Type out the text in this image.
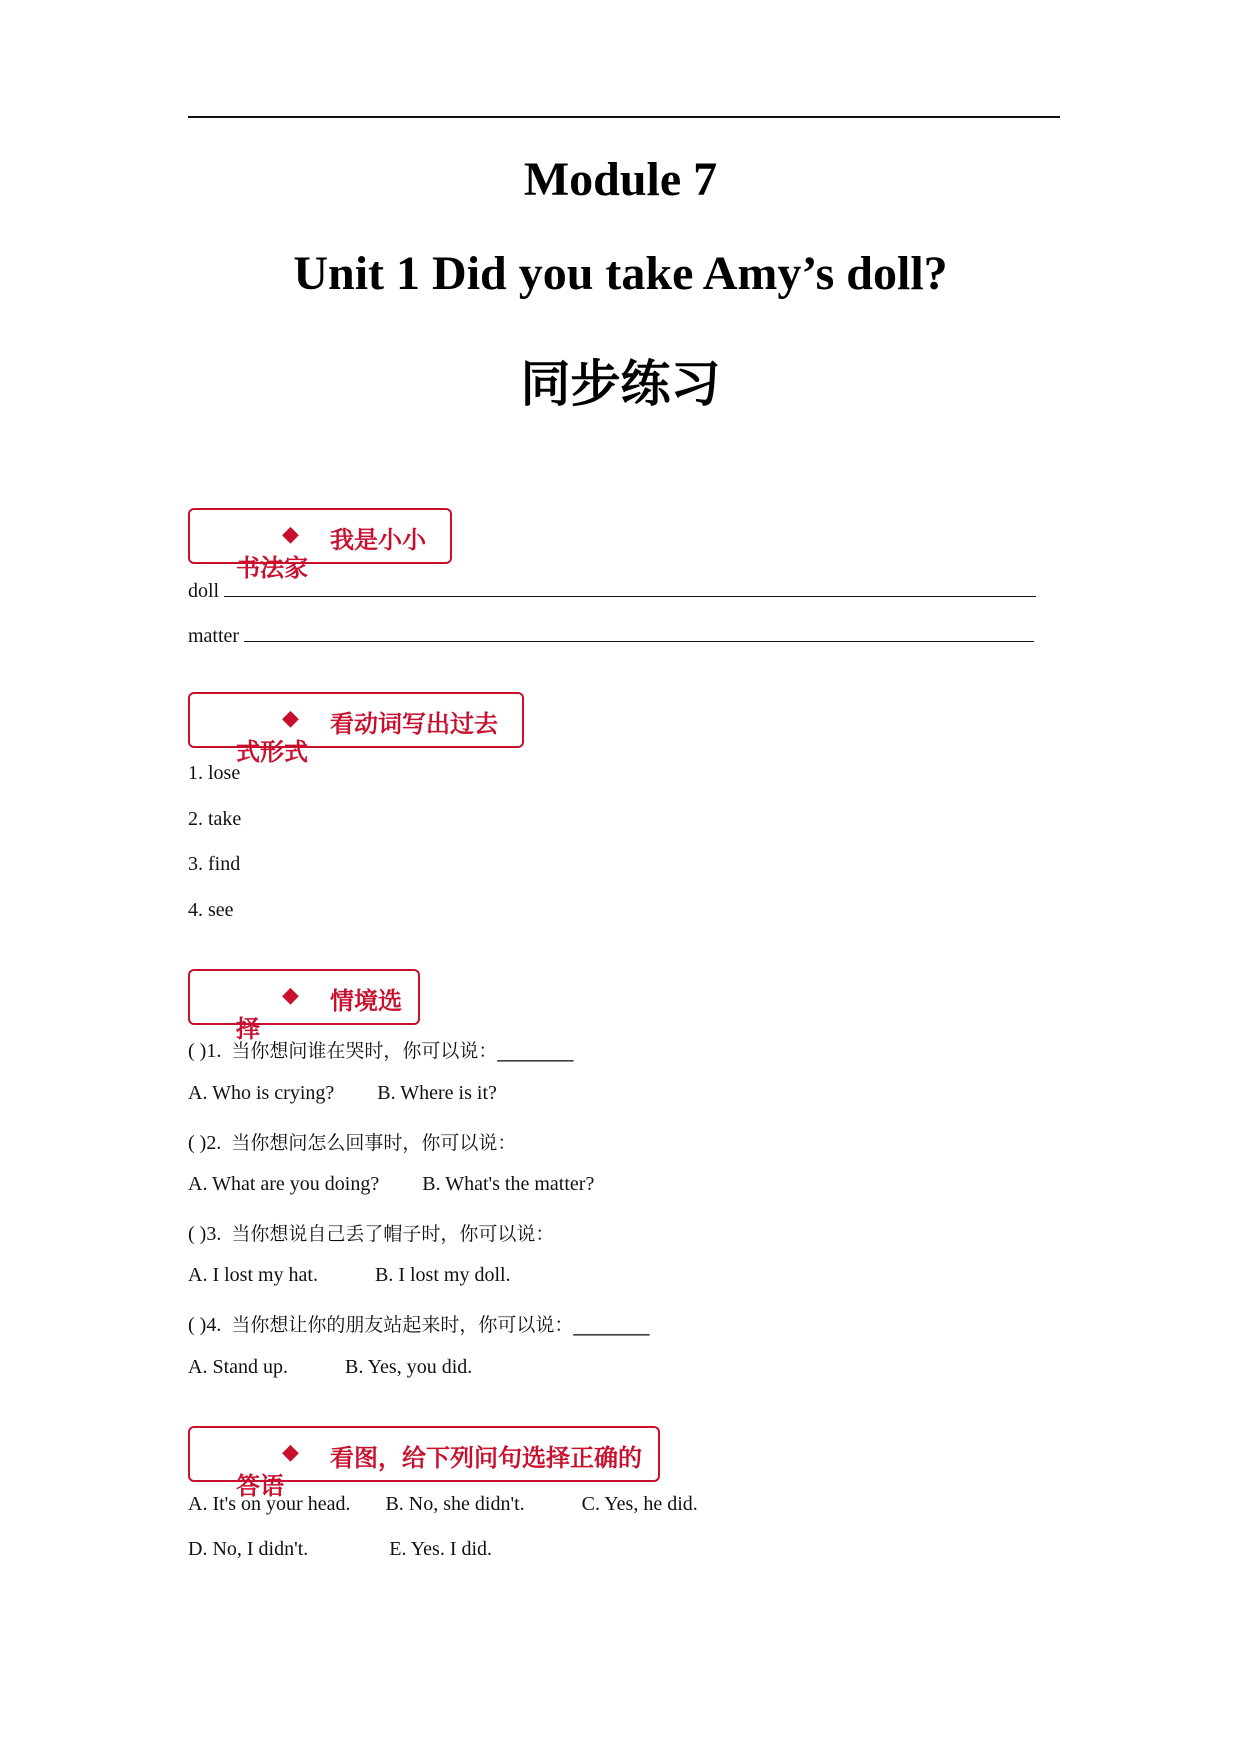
Module 7
Unit 1 Did you take Amy’s doll?
同步练习
◆ 我是小小
书法家
doll
matter
◆ 看动词写出过去
式形式
1. lose
2. take
3. find
4. see
◆ 情境选
择
( )1. 当你想问谁在哭时，你可以说：________
A. Who is crying? B. Where is it?
( )2. 当你想问怎么回事时，你可以说：
A. What are you doing? B. What's the matter?
( )3. 当你想说自己丢了帽子时，你可以说：
A. I lost my hat.	B. I lost my doll.
( )4. 当你想让你的朋友站起来时，你可以说：________
A. Stand up.	B. Yes, you did.
◆ 看图，给下列问句选择正确的
答语
A. It's on your head. B. No, she didn't.	C. Yes, he did.
D. No, I didn't.	E. Yes. I did.
